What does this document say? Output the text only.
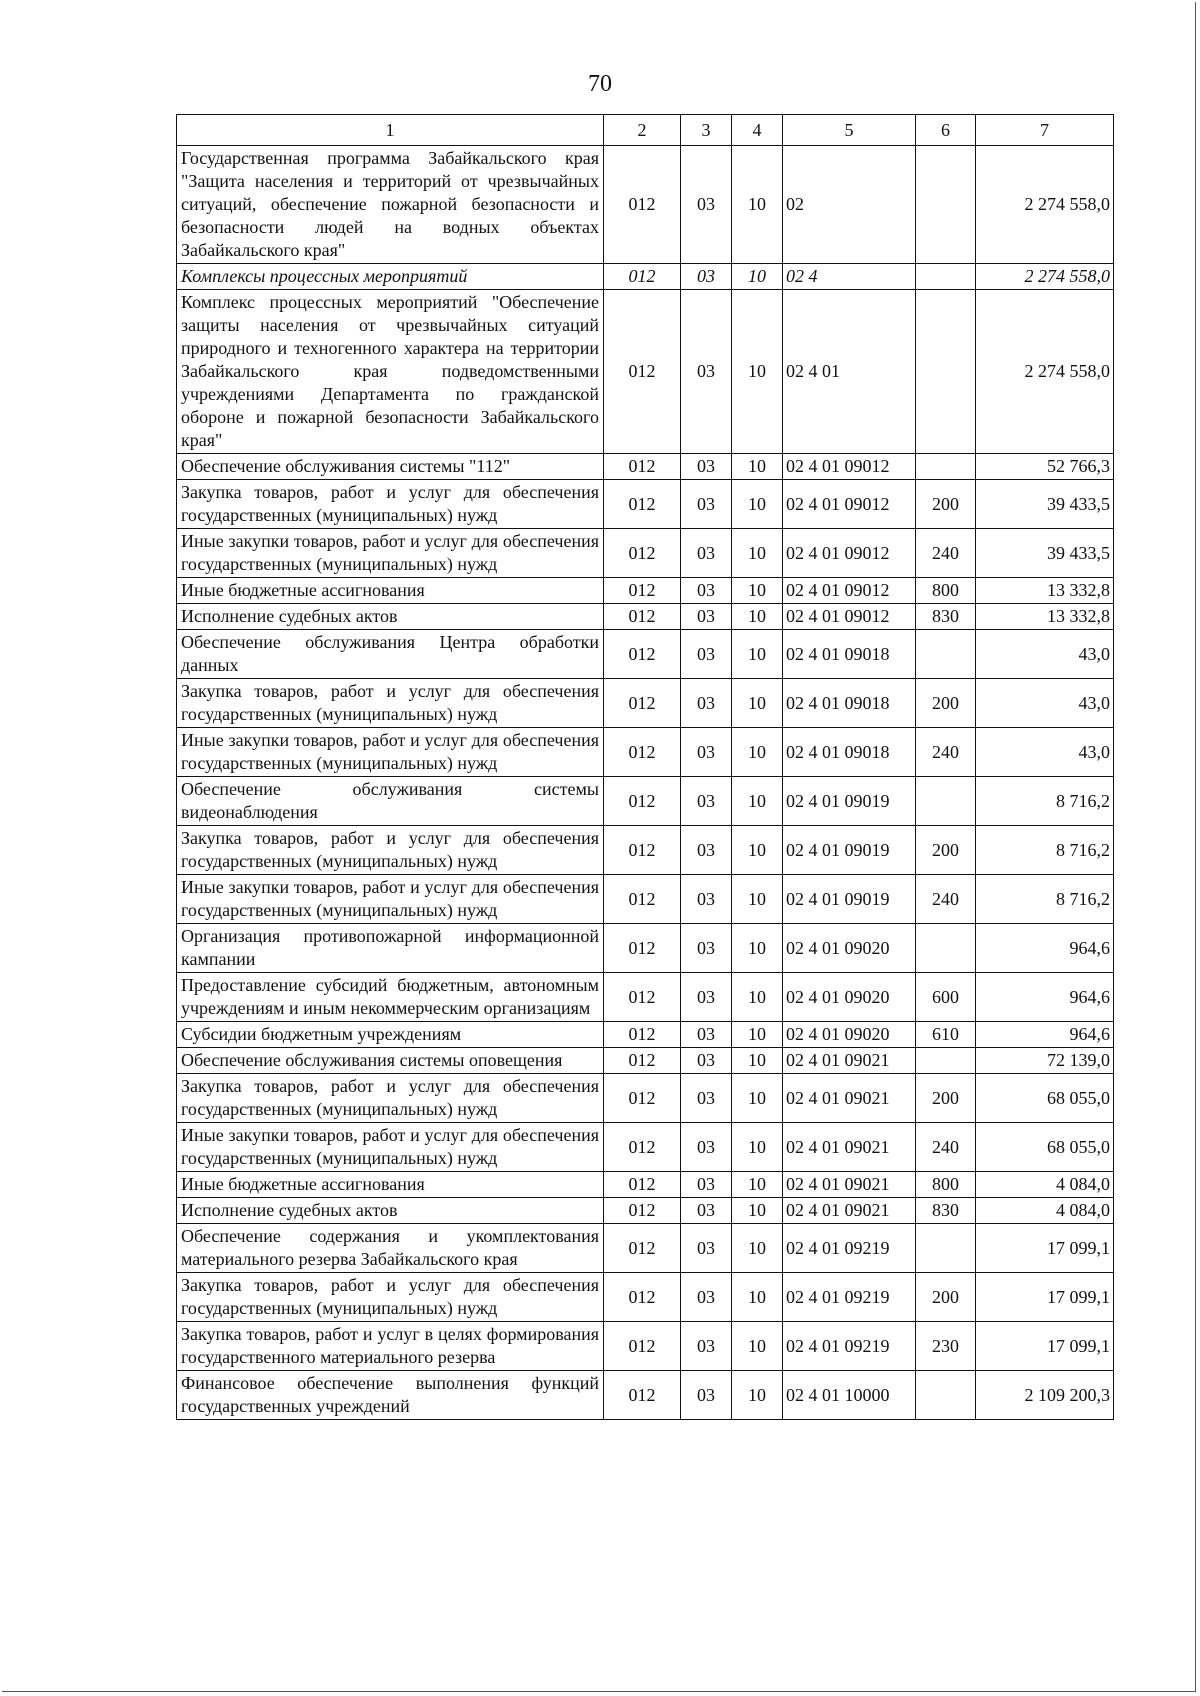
70
1	2	3	4	5	6	7
Государственная программа Забайкальского края "Защита населения и территорий от чрезвычайных ситуаций, обеспечение пожарной безопасности и безопасности людей на водных объектах Забайкальского края"	012	03	10	02		2 274 558,0
Комплексы процессных мероприятий	012	03	10	02 4		2 274 558,0
Комплекс процессных мероприятий "Обеспечение защиты населения от чрезвычайных ситуаций природного и техногенного характера на территории Забайкальского края подведомственными учреждениями Департамента по гражданской обороне и пожарной безопасности Забайкальского края"	012	03	10	02 4 01		2 274 558,0
Обеспечение обслуживания системы "112"	012	03	10	02 4 01 09012		52 766,3
Закупка товаров, работ и услуг для обеспечения государственных (муниципальных) нужд	012	03	10	02 4 01 09012	200	39 433,5
Иные закупки товаров, работ и услуг для обеспечения государственных (муниципальных) нужд	012	03	10	02 4 01 09012	240	39 433,5
Иные бюджетные ассигнования	012	03	10	02 4 01 09012	800	13 332,8
Исполнение судебных актов	012	03	10	02 4 01 09012	830	13 332,8
Обеспечение обслуживания Центра обработки данных	012	03	10	02 4 01 09018		43,0
Закупка товаров, работ и услуг для обеспечения государственных (муниципальных) нужд	012	03	10	02 4 01 09018	200	43,0
Иные закупки товаров, работ и услуг для обеспечения государственных (муниципальных) нужд	012	03	10	02 4 01 09018	240	43,0
Обеспечение обслуживания системы видеонаблюдения	012	03	10	02 4 01 09019		8 716,2
Закупка товаров, работ и услуг для обеспечения государственных (муниципальных) нужд	012	03	10	02 4 01 09019	200	8 716,2
Иные закупки товаров, работ и услуг для обеспечения государственных (муниципальных) нужд	012	03	10	02 4 01 09019	240	8 716,2
Организация противопожарной информационной кампании	012	03	10	02 4 01 09020		964,6
Предоставление субсидий бюджетным, автономным учреждениям и иным некоммерческим организациям	012	03	10	02 4 01 09020	600	964,6
Субсидии бюджетным учреждениям	012	03	10	02 4 01 09020	610	964,6
Обеспечение обслуживания системы оповещения	012	03	10	02 4 01 09021		72 139,0
Закупка товаров, работ и услуг для обеспечения государственных (муниципальных) нужд	012	03	10	02 4 01 09021	200	68 055,0
Иные закупки товаров, работ и услуг для обеспечения государственных (муниципальных) нужд	012	03	10	02 4 01 09021	240	68 055,0
Иные бюджетные ассигнования	012	03	10	02 4 01 09021	800	4 084,0
Исполнение судебных актов	012	03	10	02 4 01 09021	830	4 084,0
Обеспечение содержания и укомплектования материального резерва Забайкальского края	012	03	10	02 4 01 09219		17 099,1
Закупка товаров, работ и услуг для обеспечения государственных (муниципальных) нужд	012	03	10	02 4 01 09219	200	17 099,1
Закупка товаров, работ и услуг в целях формирования государственного материального резерва	012	03	10	02 4 01 09219	230	17 099,1
Финансовое обеспечение выполнения функций государственных учреждений	012	03	10	02 4 01 10000		2 109 200,3
